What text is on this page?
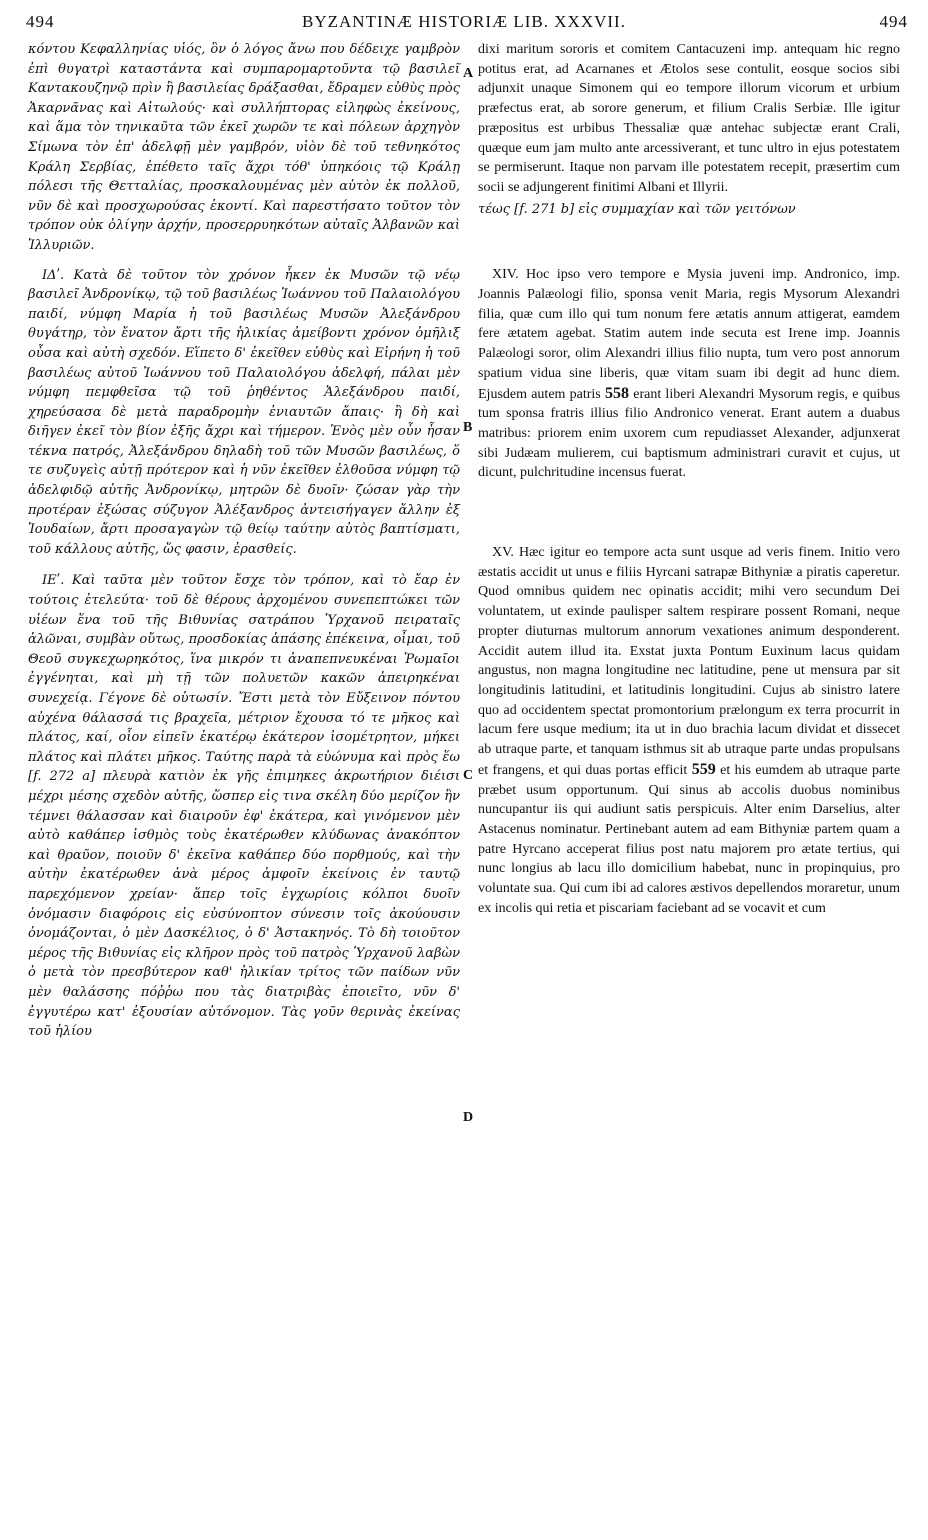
494	BYZANTINÆ HISTORIÆ LIB. XXXVII.	494

κόντου Κεφαλληνίας υἱός, ὃν ὁ λόγος ἄνω που δέδειχε γαμβρὸν ἐπὶ θυγατρὶ καταστάντα καὶ συμπαρομαρτοῦντα τῷ βασιλεῖ Καντακουζηνῷ πρὶν ἢ βασιλείας δράξασθαι, ἔδραμεν εὐθὺς πρὸς Ἀκαρνᾶνας καὶ Αἰτωλούς· καὶ συλλήπτορας εἰληφὼς ἐκείνους, καὶ ἅμα τὸν τηνικαῦτα τῶν ἐκεῖ χωρῶν τε καὶ πόλεων ἀρχηγὸν Σίμωνα τὸν ἐπ' ἀδελφῇ μὲν γαμβρόν, υἱὸν δὲ τοῦ τεθνηκότος Κράλη Σερβίας, ἐπέθετο ταῖς ἄχρι τόθ' ὑπηκόοις τῷ Κράλῃ πόλεσι τῆς Θετταλίας, προσκαλουμένας μὲν αὐτὸν ἐκ πολλοῦ, νῦν δὲ καὶ προσχωρούσας ἑκοντί. Καὶ παρεστήσατο τοῦτον τὸν τρόπον οὐκ ὀλίγην ἀρχήν, προσερρυηκότων αὐταῖς Ἀλβανῶν καὶ Ἰλλυριῶν.

ΙΔʹ. Κατὰ δὲ τοῦτον τὸν χρόνον ἧκεν ἐκ Μυσῶν τῷ νέῳ βασιλεῖ Ἀνδρονίκῳ, τῷ τοῦ βασιλέως Ἰωάννου τοῦ Παλαιολόγου παιδί, νύμφη Μαρία ἡ τοῦ βασιλέως Μυσῶν Ἀλεξάνδρου θυγάτηρ, τὸν ἔνατον ἄρτι τῆς ἡλικίας ἀμείβοντι χρόνον ὁμῆλιξ οὖσα καὶ αὐτὴ σχεδόν. Εἵπετο δ' ἐκεῖθεν εὐθὺς καὶ Εἰρήνη ἡ τοῦ βασιλέως αὐτοῦ Ἰωάννου τοῦ Παλαιολόγου ἀδελφή, πάλαι μὲν νύμφη πεμφθεῖσα τῷ τοῦ ῥηθέντος Ἀλεξάνδρου παιδί, χηρεύσασα δὲ μετὰ παραδρομὴν ἐνιαυτῶν ἄπαις· ἣ δὴ καὶ διῆγεν ἐκεῖ τὸν βίον ἐξῆς ἄχρι καὶ τήμερον. Ἑνὸς μὲν οὖν ἦσαν τέκνα πατρός, Ἀλεξάνδρου δηλαδὴ τοῦ τῶν Μυσῶν βασιλέως, ὅ τε συζυγεὶς αὐτῇ πρότερον καὶ ἡ νῦν ἐκεῖθεν ἐλθοῦσα νύμφη τῷ ἀδελφιδῷ αὐτῆς Ἀνδρονίκῳ, μητρῶν δὲ δυοῖν· ζώσαν γὰρ τὴν προτέραν ἐξώσας σύζυγον Ἀλέξανδρος ἀντεισήγαγεν ἄλλην ἐξ Ἰουδαίων, ἄρτι προσαγαγὼν τῷ θείῳ ταύτην αὐτὸς βαπτίσματι, τοῦ κάλλους αὐτῆς, ὥς φασιν, ἐρασθείς.

ΙΕʹ. Καὶ ταῦτα μὲν τοῦτον ἔσχε τὸν τρόπον, καὶ τὸ ἔαρ ἐν τούτοις ἐτελεύτα· τοῦ δὲ θέρους ἀρχομένου συνεπεπτώκει τῶν υἱέων ἕνα τοῦ τῆς Βιθυνίας σατράπου Ὑρχανοῦ πειραταῖς ἁλῶναι, συμβὰν οὔτως, προσδοκίας ἁπάσης ἐπέκεινα, οἶμαι, τοῦ Θεοῦ συγκεχωρηκότος, ἵνα μικρόν τι ἀναπεπνευκέναι Ῥωμαῖοι ἐγγένηται, καὶ μὴ τῇ τῶν πολυετῶν κακῶν ἀπειρηκέναι συνεχείᾳ. Γέγονε δὲ οὑτωσίν. Ἔστι μετὰ τὸν Εὔξεινον πόντου αὐχένα θάλασσά τις βραχεῖα, μέτριον ἔχουσα τό τε μῆκος καὶ πλάτος, καί, οἷον εἰπεῖν ἑκατέρῳ ἑκάτερον ἰσομέτρητον, μήκει πλάτος καὶ πλάτει μῆκος. Ταύτης παρὰ τὰ εὐώνυμα καὶ πρὸς ἕω [f. 272 a] πλευρὰ κατιὸν ἐκ γῆς ἐπιμηκες ἀκρωτήριον διέισι μέχρι μέσης σχεδὸν αὐτῆς, ὥσπερ εἰς τινα σκέλη δύο μερίζον ἣν τέμνει θάλασσαν καὶ διαιροῦν ἐφ' ἑκάτερα, καὶ γινόμενον μὲν αὐτὸ καθάπερ ἰσθμὸς τοὺς ἑκατέρωθεν κλύδωνας ἀνακόπτον καὶ θραῦον, ποιοῦν δ' ἐκεῖνα καθάπερ δύο πορθμούς, καὶ τὴν αὐτὴν ἑκατέρωθεν ἀνὰ μέρος ἀμφοῖν ἐκείνοις ἐν ταυτῷ παρεχόμενον χρείαν· ἅπερ τοῖς ἐγχωρίοις κόλποι δυοῖν ὀνόμασιν διαφόροις εἰς εὐσύνοπτον σύνεσιν τοῖς ἀκούουσιν ὀνομάζονται, ὁ μὲν Δασκέλιος, ὁ δ' Ἀστακηνός. Τὸ δὴ τοιοῦτον μέρος τῆς Βιθυνίας εἰς κλῆρον πρὸς τοῦ πατρὸς Ὑρχανοῦ λαβὼν ὁ μετὰ τὸν πρεσβύτερον καθ' ἡλικίαν τρίτος τῶν παίδων νῦν μὲν θαλάσσης πόῤῥω που τὰς διατριβὰς ἐποιεῖτο, νῦν δ' ἐγγυτέρω κατ' ἐξουσίαν αὐτόνομον. Τὰς γοῦν θερινὰς ἐκείνας τοῦ ἡλίου

dixi maritum sororis et comitem Cantacuzeni imp. antequam hic regno potitus erat, ad Acarnanes et Ætolos sese contulit, eosque socios sibi adjunxit unaque Simonem qui eo tempore illorum vicorum et urbium præfectus erat, ab sorore generum, et filium Cralis Serbiæ. Ille igitur præpositus est urbibus Thessaliæ quæ antehac subjectæ erant Crali, quæque eum jam multo ante arcessiverant, et tunc ultro in ejus potestatem se permiserunt. Itaque non parvam ille potestatem recepit, præsertim cum socii se adjungerent finitimi Albani et Illyrii.

τέως [f. 271 b] εἰς συμμαχίαν καὶ τῶν γειτόνων

XIV. Hoc ipso vero tempore e Mysia juveni imp. Andronico, imp. Joannis Palæologi filio, sponsa venit Maria, regis Mysorum Alexandri filia, quæ cum illo qui tum nonum fere ætatis annum attigerat, eamdem fere ætatem agebat. Statim autem inde secuta est Irene imp. Joannis Palæologi soror, olim Alexandri illius filio nupta, tum vero post annorum spatium vidua sine liberis, quæ vitam suam ibi degit ad hunc diem. Ejusdem autem patris 558 erant liberi Alexandri Mysorum regis, e quibus tum sponsa fratris illius filio Andronico venerat. Erant autem a duabus matribus: priorem enim uxorem cum repudiasset Alexander, adjunxerat sibi Judæam mulierem, cui baptismum administrari curavit et cujus, ut dicunt, pulchritudine incensus fuerat.

XV. Hæc igitur eo tempore acta sunt usque ad veris finem. Initio vero æstatis accidit ut unus e filiis Hyrcani satrapæ Bithyniæ a piratis caperetur. Quod omnibus quidem nec opinatis accidit; mihi vero secundum Dei voluntatem, ut exinde paulisper saltem respirare possent Romani, neque propter diuturnas multorum annorum vexationes animum desponderent. Accidit autem illud ita. Exstat juxta Pontum Euxinum lacus quidam angustus, non magna longitudine nec latitudine, pene ut mensura par sit longitudinis latitudini, et latitudinis longitudini. Cujus ab sinistro latere quo ad occidentem spectat promontorium prælongum ex terra procurrit in lacum fere usque medium; ita ut in duo brachia lacum dividat et dissecet ab utraque parte, et tanquam isthmus sit ab utraque parte undas propulsans et frangens, et qui duas portas efficit 559 et his eumdem ab utraque parte præbet usum opportunum. Qui sinus ab accolis duobus nominibus nuncupantur iis qui audiunt satis perspicuis. Alter enim Darselius, alter Astacenus nominatur. Pertinebant autem ad eam Bithyniæ partem quam a patre Hyrcano acceperat filius post natu majorem pro ætate tertius, qui nunc longius ab lacu illo domicilium habebat, nunc in propinquius, pro voluntate sua. Qui cum ibi ad calores æstivos depellendos moraretur, unum ex incolis qui retia et piscariam faciebant ad se vocavit et cum

A
B
C
D
